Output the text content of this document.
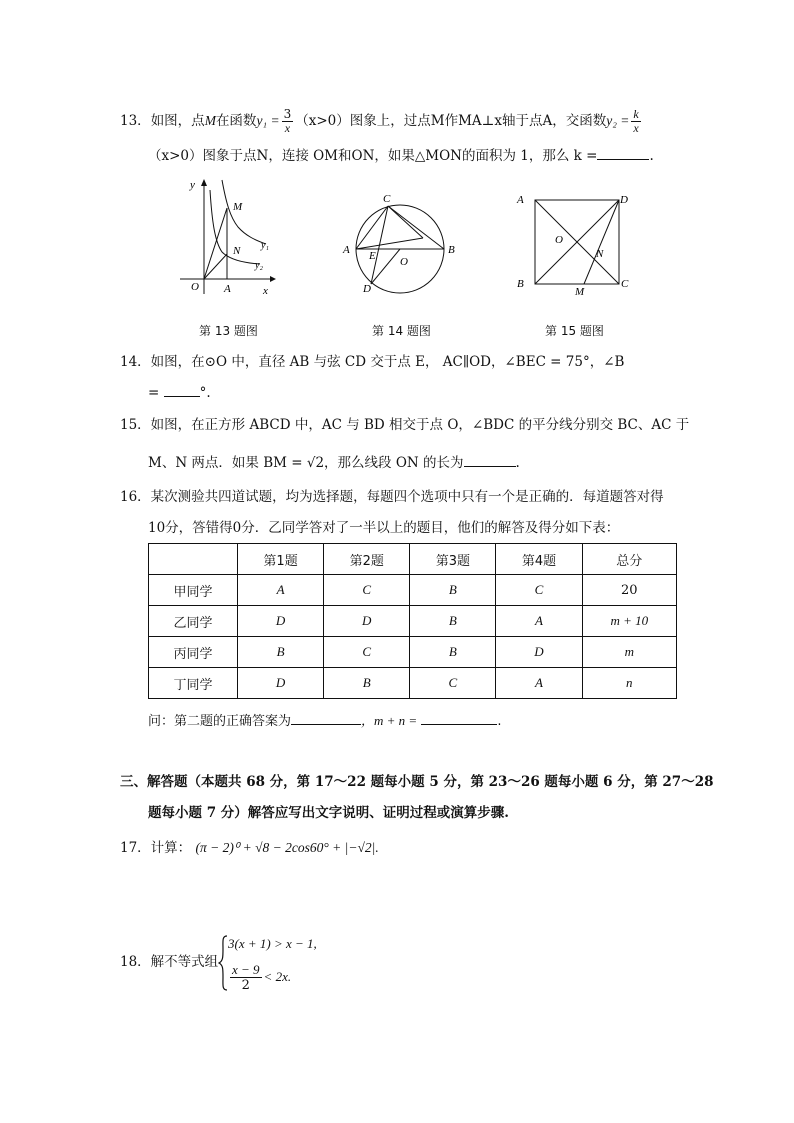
13．如图，点M在函数$y_1 = \frac{3}{x} (x>0)$图象上，过点M作MA⊥x轴于点A，交函数$y_2 = \frac{k}{x}$
（x>0）图象于点N，连接 OM和ON，如果△MON的面积为 1，那么 k =	.
y
M
N y₁
y₂
O A	x
第 13 题图
C
A	B
E O
D
第 14 题图
A	D
O
N
B
M
C
第 15 题图
14．如图，在⊙O 中，直径 AB 与弦 CD 交于点 E， AC∥OD，∠BEC = 75°，∠B
=	°.
15．如图，在正方形 ABCD 中，AC 与 BD 相交于点 O，∠BDC 的平分线分别交 BC、AC 于
M、N 两点．如果 BM = √2，那么线段 ON 的长为	.
16．某次测验共四道试题，均为选择题，每题四个选项中只有一个是正确的．每道题答对得
10分，答错得0分．乙同学答对了一半以上的题目，他们的解答及得分如下表：
	第1题	第2题	第3题	第4题	总分
甲同学	A	C	B	C	20
乙同学	D	D	B	A	m + 10
丙同学	B	C	B	D	m
丁同学	D	B	C	A	n
问：第二题的正确答案为	，m + n =	.
三、解答题（本题共 68 分，第 17～22 题每小题 5 分，第 23～26 题每小题 6 分，第 27～28
题每小题 7 分）解答应写出文字说明、证明过程或演算步骤.
17．计算： (π − 2)⁰ + √8 − 2cos60° + |−√2|.
18．解不等式组
3(x + 1) > x − 1,
$\frac{x - 9}{2} < 2x$.
